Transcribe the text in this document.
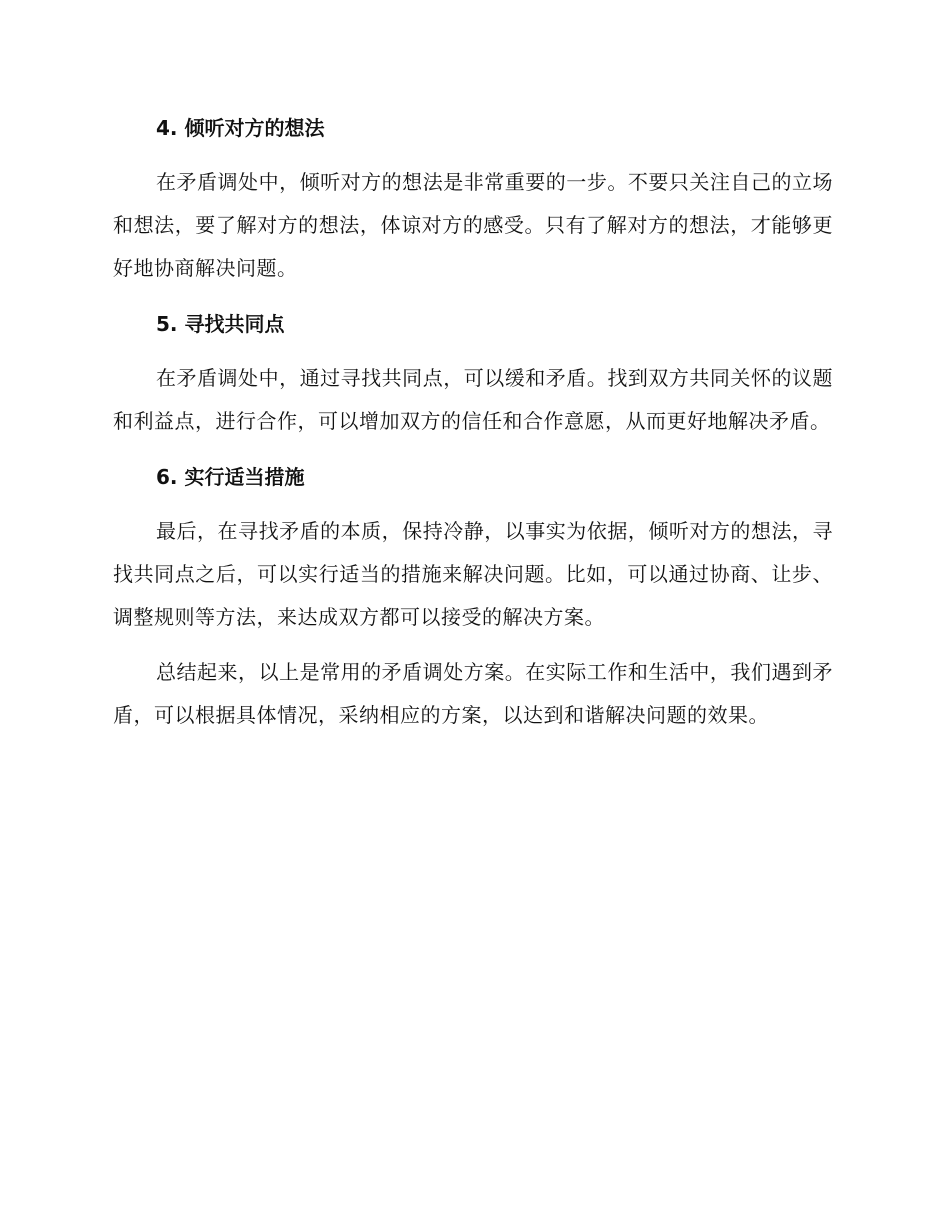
4. 倾听对方的想法

在矛盾调处中，倾听对方的想法是非常重要的一步。不要只关注自己的立场和想法，要了解对方的想法，体谅对方的感受。只有了解对方的想法，才能够更好地协商解决问题。

5. 寻找共同点

在矛盾调处中，通过寻找共同点，可以缓和矛盾。找到双方共同关怀的议题和利益点，进行合作，可以增加双方的信任和合作意愿，从而更好地解决矛盾。

6. 实行适当措施

最后，在寻找矛盾的本质，保持冷静，以事实为依据，倾听对方的想法，寻找共同点之后，可以实行适当的措施来解决问题。比如，可以通过协商、让步、调整规则等方法，来达成双方都可以接受的解决方案。

总结起来，以上是常用的矛盾调处方案。在实际工作和生活中，我们遇到矛盾，可以根据具体情况，采纳相应的方案，以达到和谐解决问题的效果。
